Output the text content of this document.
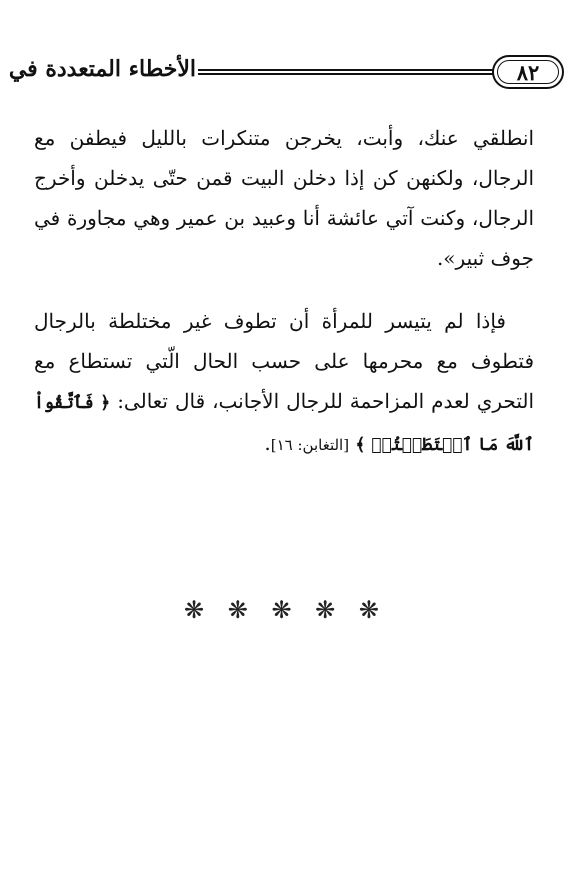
٨٢
الأخطاء المتعددة في

انطلقي عنك، وأبت، يخرجن متنكرات بالليل فيطفن مع الرجال، ولكنهن كن إذا دخلن البيت قمن حتّى يدخلن وأخرج الرجال، وكنت آتي عائشة أنا وعبيد بن عمير وهي مجاورة في جوف ثبير».

فإذا لم يتيسر للمرأة أن تطوف غير مختلطة بالرجال فتطوف مع محرمها على حسب الحال الّتي تستطاع مع التحري لعدم المزاحمة للرجال الأجانب، قال تعالى: ﴿ فَٱتَّقُواْ ٱللَّهَ مَا ٱسۡتَطَعۡتُمۡ ﴾ [التغابن: ١٦].

❋ ❋ ❋ ❋ ❋
